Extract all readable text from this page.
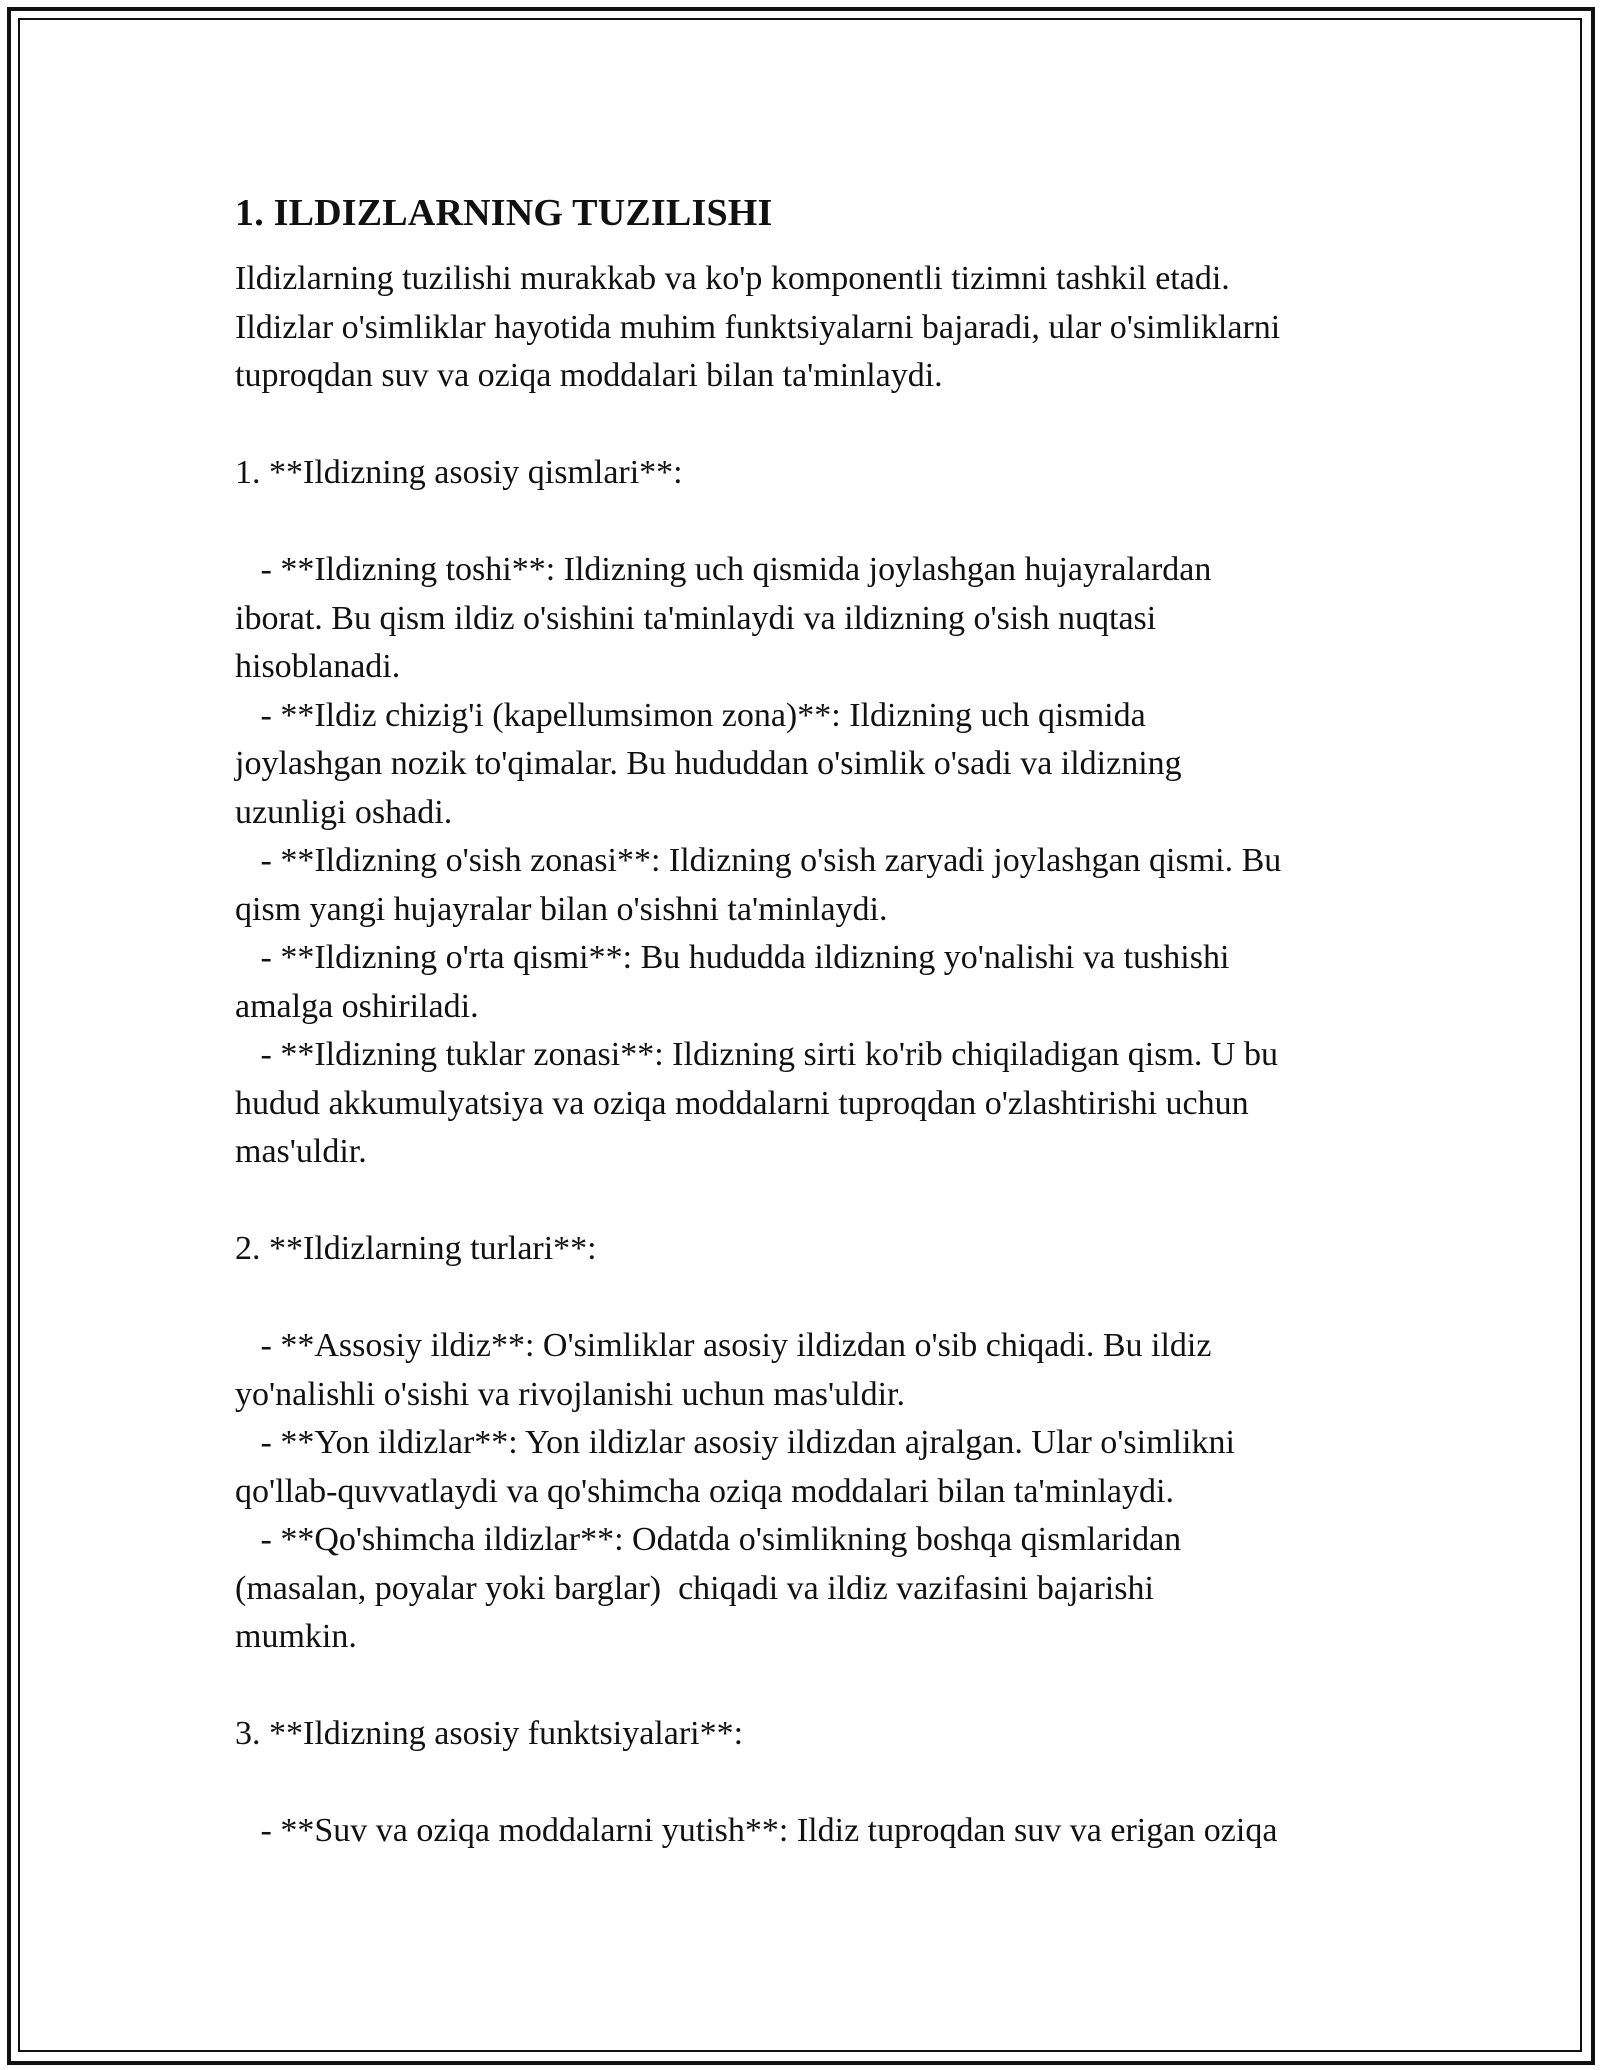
1. ILDIZLARNING TUZILISHI

Ildizlarning tuzilishi murakkab va ko'p komponentli tizimni tashkil etadi.

Ildizlar o'simliklar hayotida muhim funktsiyalarni bajaradi, ular o'simliklarni

tuproqdan suv va oziqa moddalari bilan ta'minlaydi.

1. **Ildizning asosiy qismlari**:

- **Ildizning toshi**: Ildizning uch qismida joylashgan hujayralardan

iborat. Bu qism ildiz o'sishini ta'minlaydi va ildizning o'sish nuqtasi

hisoblanadi.

- **Ildiz chizig'i (kapellumsimon zona)**: Ildizning uch qismida

joylashgan nozik to'qimalar. Bu hududdan o'simlik o'sadi va ildizning

uzunligi oshadi.

- **Ildizning o'sish zonasi**: Ildizning o'sish zaryadi joylashgan qismi. Bu

qism yangi hujayralar bilan o'sishni ta'minlaydi.

- **Ildizning o'rta qismi**: Bu hududda ildizning yo'nalishi va tushishi

amalga oshiriladi.

- **Ildizning tuklar zonasi**: Ildizning sirti ko'rib chiqiladigan qism. U bu

hudud akkumulyatsiya va oziqa moddalarni tuproqdan o'zlashtirishi uchun

mas'uldir.

2. **Ildizlarning turlari**:

- **Assosiy ildiz**: O'simliklar asosiy ildizdan o'sib chiqadi. Bu ildiz

yo'nalishli o'sishi va rivojlanishi uchun mas'uldir.

- **Yon ildizlar**: Yon ildizlar asosiy ildizdan ajralgan. Ular o'simlikni

qo'llab-quvvatlaydi va qo'shimcha oziqa moddalari bilan ta'minlaydi.

- **Qo'shimcha ildizlar**: Odatda o'simlikning boshqa qismlaridan

(masalan, poyalar yoki barglar)  chiqadi va ildiz vazifasini bajarishi

mumkin.

3. **Ildizning asosiy funktsiyalari**:

- **Suv va oziqa moddalarni yutish**: Ildiz tuproqdan suv va erigan oziqa
